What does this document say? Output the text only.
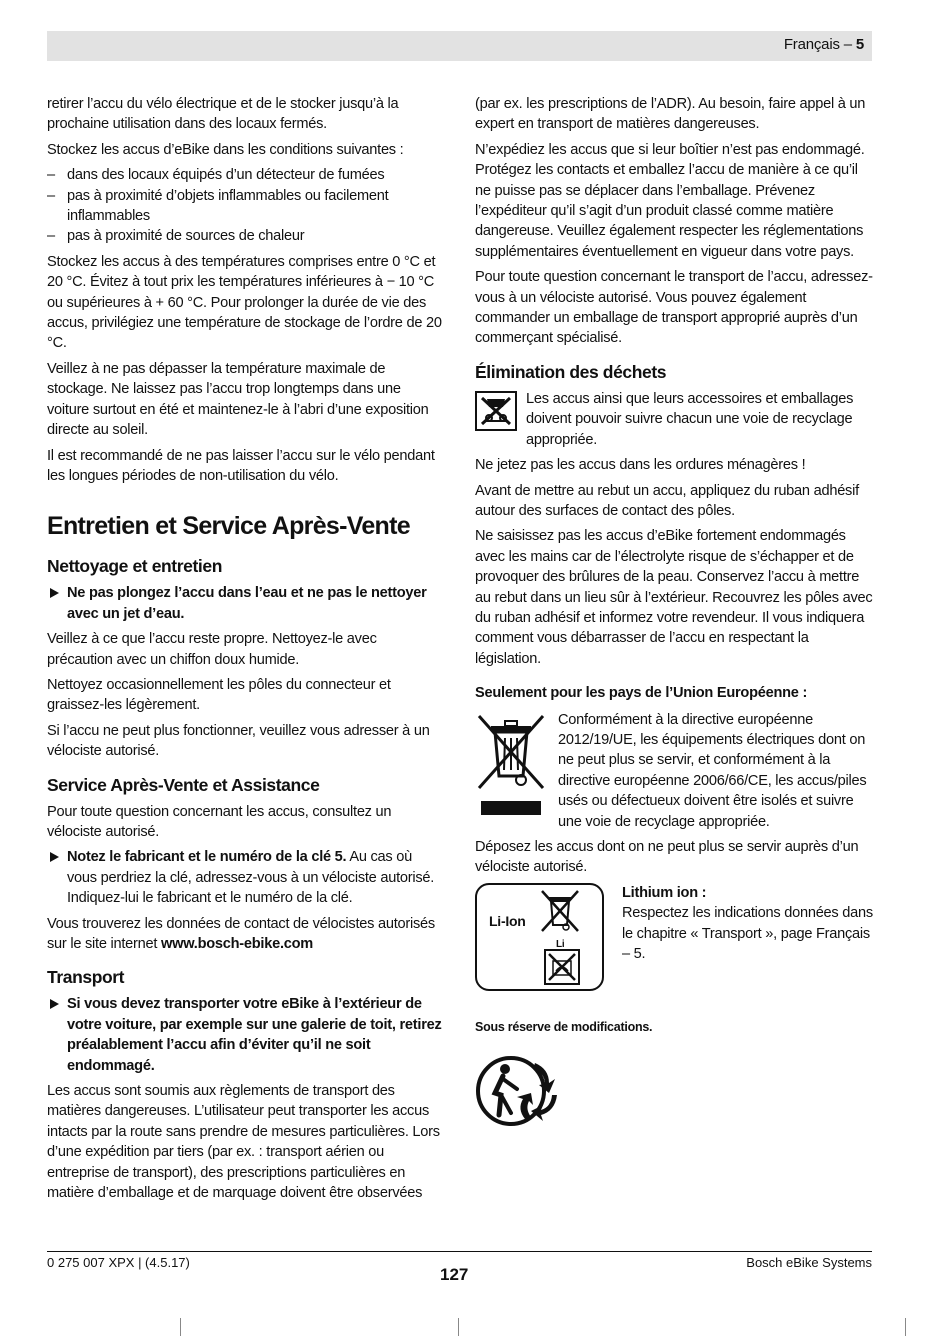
Français – 5

retirer l’accu du vélo électrique et de le stocker jusqu’à la prochaine utilisation dans des locaux fermés.

Stockez les accus d’eBike dans les conditions suivantes :

– dans des locaux équipés d’un détecteur de fumées
– pas à proximité d’objets inflammables ou facilement inflammables
– pas à proximité de sources de chaleur

Stockez les accus à des températures comprises entre 0 °C et 20 °C. Évitez à tout prix les températures inférieures à − 10 °C ou supérieures à + 60 °C. Pour prolonger la durée de vie des accus, privilégiez une température de stockage de l’ordre de 20 °C.

Veillez à ne pas dépasser la température maximale de stockage. Ne laissez pas l’accu trop longtemps dans une voiture surtout en été et maintenez-le à l’abri d’une exposition directe au soleil.

Il est recommandé de ne pas laisser l’accu sur le vélo pendant les longues périodes de non-utilisation du vélo.

Entretien et Service Après-Vente
Nettoyage et entretien
Ne pas plongez l’accu dans l’eau et ne pas le nettoyer avec un jet d’eau.

Veillez à ce que l’accu reste propre. Nettoyez-le avec précaution avec un chiffon doux humide.

Nettoyez occasionnellement les pôles du connecteur et graissez-les légèrement.

Si l’accu ne peut plus fonctionner, veuillez vous adresser à un vélociste autorisé.

Service Après-Vente et Assistance

Pour toute question concernant les accus, consultez un vélociste autorisé.

Notez le fabricant et le numéro de la clé 5. Au cas où vous perdriez la clé, adressez-vous à un vélociste autorisé. Indiquez-lui le fabricant et le numéro de la clé.

Vous trouverez les données de contact de vélocistes autorisés sur le site internet www.bosch-ebike.com

Transport
Si vous devez transporter votre eBike à l’extérieur de votre voiture, par exemple sur une galerie de toit, retirez préalablement l’accu afin d’éviter qu’il ne soit endommagé.

Les accus sont soumis aux règlements de transport des matières dangereuses. L’utilisateur peut transporter les accus intacts par la route sans prendre de mesures particulières. Lors d’une expédition par tiers (par ex. : transport aérien ou entreprise de transport), des prescriptions particulières en matière d’emballage et de marquage doivent être observées

(par ex. les prescriptions de l’ADR). Au besoin, faire appel à un expert en transport de matières dangereuses.

N’expédiez les accus que si leur boîtier n’est pas endommagé. Protégez les contacts et emballez l’accu de manière à ce qu’il ne puisse pas se déplacer dans l’emballage. Prévenez l’expéditeur qu’il s’agit d’un produit classé comme matière dangereuse. Veuillez également respecter les réglementations supplémentaires éventuellement en vigueur dans votre pays.

Pour toute question concernant le transport de l’accu, adressez-vous à un vélociste autorisé. Vous pouvez également commander un emballage de transport approprié auprès d’un commerçant spécialisé.

Élimination des déchets
Les accus ainsi que leurs accessoires et emballages doivent pouvoir suivre chacun une voie de recyclage appropriée.

Ne jetez pas les accus dans les ordures ménagères !

Avant de mettre au rebut un accu, appliquez du ruban adhésif autour des surfaces de contact des pôles.

Ne saisissez pas les accus d’eBike fortement endommagés avec les mains car de l’électrolyte risque de s’échapper et de provoquer des brûlures de la peau. Conservez l’accu à mettre au rebut dans un lieu sûr à l’extérieur. Recouvrez les pôles avec du ruban adhésif et informez votre revendeur. Il vous indiquera comment vous débarrasser de l’accu en respectant la législation.

Seulement pour les pays de l’Union Européenne :
Conformément à la directive européenne 2012/19/UE, les équipements électriques dont on ne peut plus se servir, et conformément à la directive européenne 2006/66/CE, les accus/piles usés ou défectueux doivent être isolés et suivre une voie de recyclage appropriée.

Déposez les accus dont on ne peut plus se servir auprès d’un vélociste autorisé.

Li-Ion
Li
Lithium ion :
Respectez les indications données dans le chapitre « Transport », page Français – 5.
Sous réserve de modifications.
0 275 007 XPX | (4.5.17)
127
Bosch eBike Systems
